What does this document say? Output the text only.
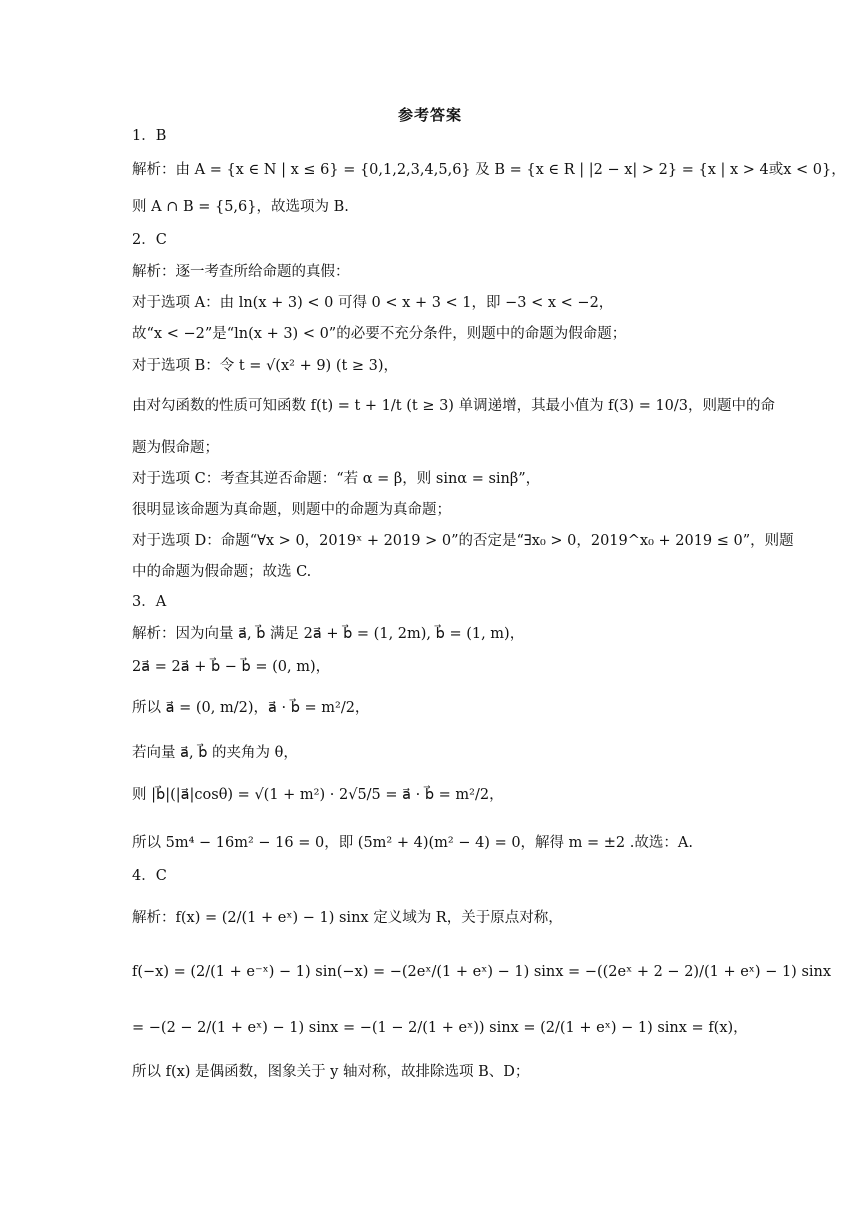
参考答案
1．B
解析：由 A = {x ∈ N | x ≤ 6} = {0,1,2,3,4,5,6} 及 B = {x ∈ R | |2 − x| > 2} = {x | x > 4或x < 0}，
则 A ∩ B = {5,6}，故选项为 B.
2．C
解析：逐一考查所给命题的真假：
对于选项 A：由 ln(x + 3) < 0 可得 0 < x + 3 < 1，即 −3 < x < −2，
故“x < −2”是“ln(x + 3) < 0”的必要不充分条件，则题中的命题为假命题；
对于选项 B：令 t = √(x² + 9) (t ≥ 3)，
由对勾函数的性质可知函数 f(t) = t + 1/t (t ≥ 3) 单调递增，其最小值为 f(3) = 10/3，则题中的命
题为假命题；
对于选项 C：考查其逆否命题：“若 α = β，则 sinα = sinβ”，
很明显该命题为真命题，则题中的命题为真命题；
对于选项 D：命题“∀x > 0，2019ˣ + 2019 > 0”的否定是“∃x₀ > 0，2019^x₀ + 2019 ≤ 0”，则题
中的命题为假命题；故选 C.
3．A
解析：因为向量 a⃗, b⃗ 满足 2a⃗ + b⃗ = (1, 2m), b⃗ = (1, m)，
2a⃗ = 2a⃗ + b⃗ − b⃗ = (0, m)，
所以 a⃗ = (0, m/2)，a⃗ · b⃗ = m²/2，
若向量 a⃗, b⃗ 的夹角为 θ，
则 |b⃗|(|a⃗|cosθ) = √(1 + m²) · 2√5/5 = a⃗ · b⃗ = m²/2，
所以 5m⁴ − 16m² − 16 = 0，即 (5m² + 4)(m² − 4) = 0，解得 m = ±2 .故选：A.
4．C
解析：f(x) = (2/(1 + eˣ) − 1) sinx 定义域为 R，关于原点对称，
f(−x) = (2/(1 + e⁻ˣ) − 1) sin(−x) = −(2eˣ/(1 + eˣ) − 1) sinx = −((2eˣ + 2 − 2)/(1 + eˣ) − 1) sinx
= −(2 − 2/(1 + eˣ) − 1) sinx = −(1 − 2/(1 + eˣ)) sinx = (2/(1 + eˣ) − 1) sinx = f(x)，
所以 f(x) 是偶函数，图象关于 y 轴对称，故排除选项 B、D；
